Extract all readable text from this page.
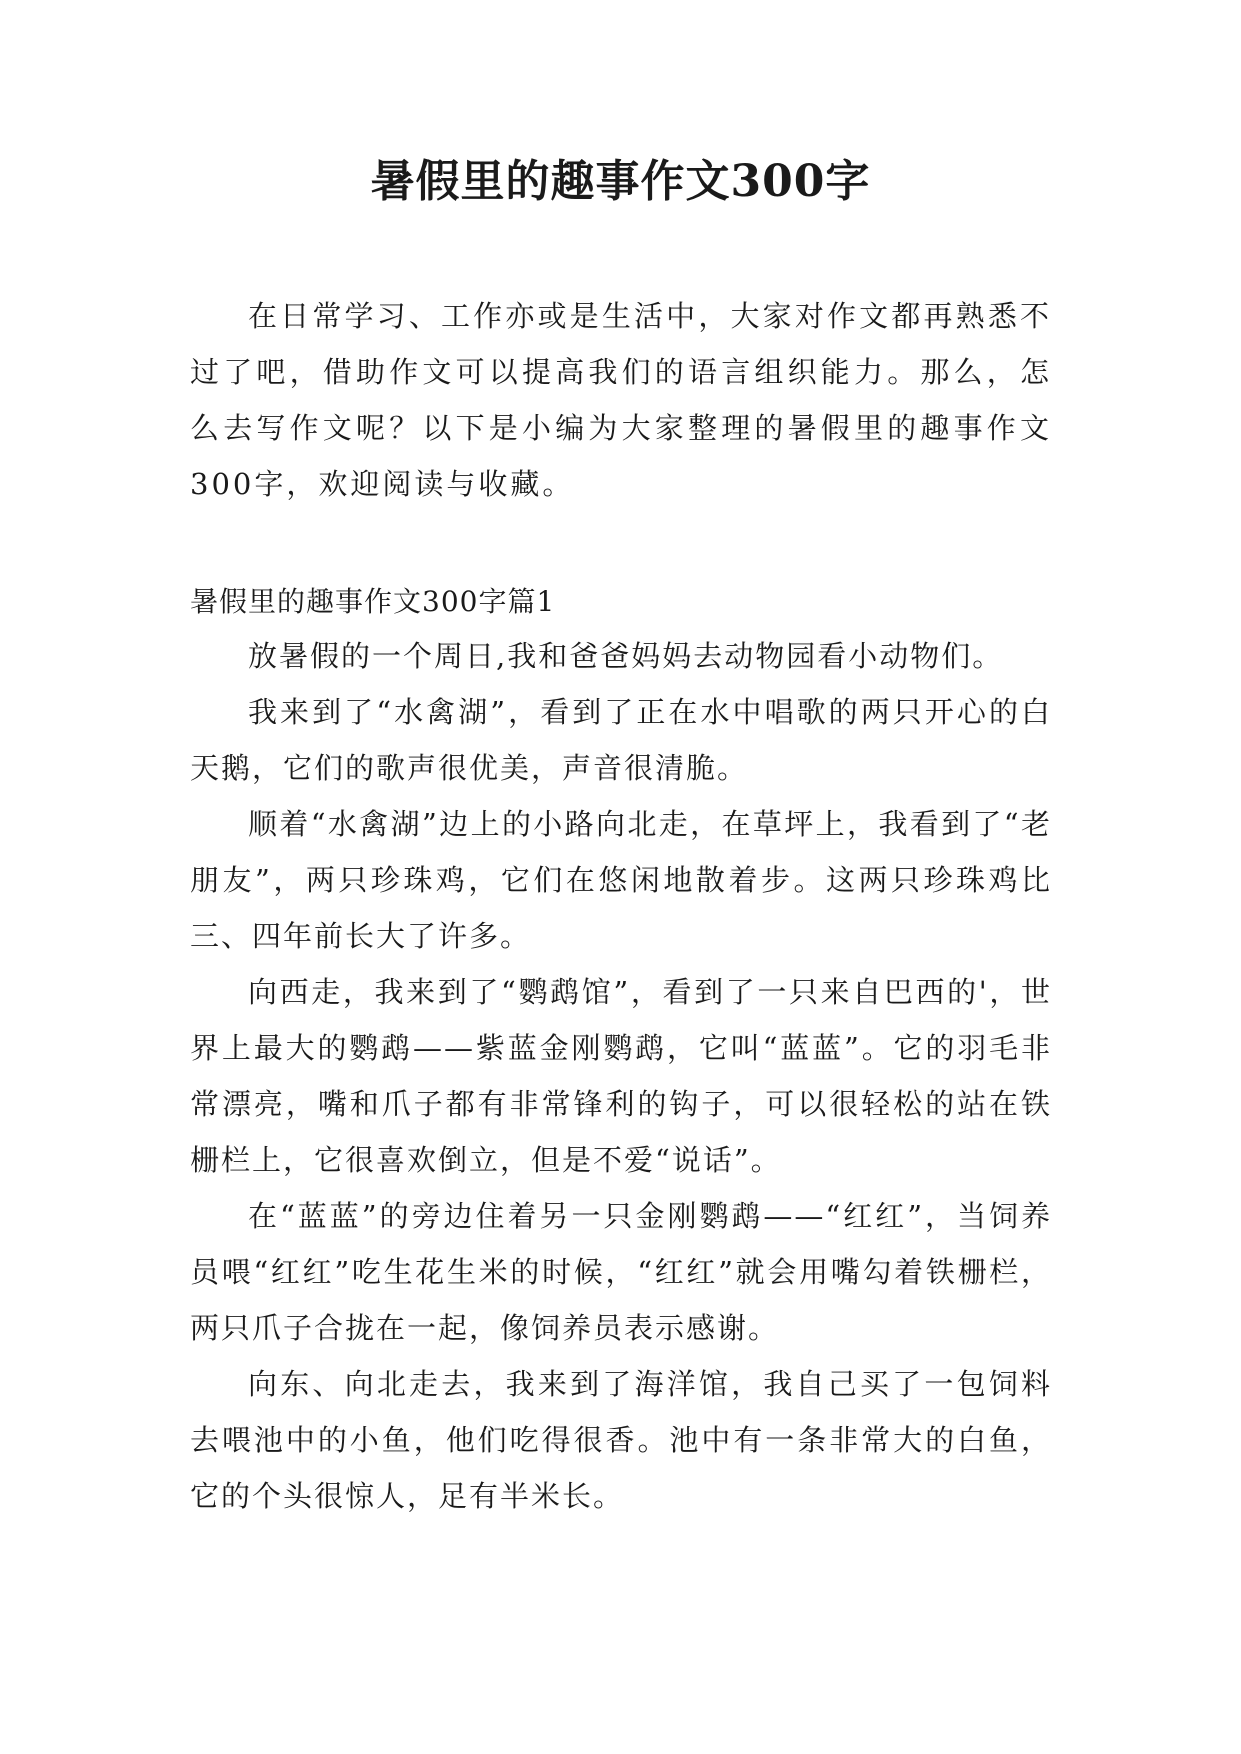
暑假里的趣事作文300字

在日常学习、工作亦或是生活中，大家对作文都再熟悉不过了吧，借助作文可以提高我们的语言组织能力。那么，怎么去写作文呢？以下是小编为大家整理的暑假里的趣事作文300字，欢迎阅读与收藏。

暑假里的趣事作文300字篇1

放暑假的一个周日,我和爸爸妈妈去动物园看小动物们。

我来到了“水禽湖”，看到了正在水中唱歌的两只开心的白天鹅，它们的歌声很优美，声音很清脆。

顺着“水禽湖”边上的小路向北走，在草坪上，我看到了“老朋友”，两只珍珠鸡，它们在悠闲地散着步。这两只珍珠鸡比三、四年前长大了许多。

向西走，我来到了“鹦鹉馆”，看到了一只来自巴西的'，世界上最大的鹦鹉——紫蓝金刚鹦鹉，它叫“蓝蓝”。它的羽毛非常漂亮，嘴和爪子都有非常锋利的钩子，可以很轻松的站在铁栅栏上，它很喜欢倒立，但是不爱“说话”。

在“蓝蓝”的旁边住着另一只金刚鹦鹉——“红红”，当饲养员喂“红红”吃生花生米的时候，“红红”就会用嘴勾着铁栅栏，两只爪子合拢在一起，像饲养员表示感谢。

向东、向北走去，我来到了海洋馆，我自己买了一包饲料去喂池中的小鱼，他们吃得很香。池中有一条非常大的白鱼，它的个头很惊人，足有半米长。
